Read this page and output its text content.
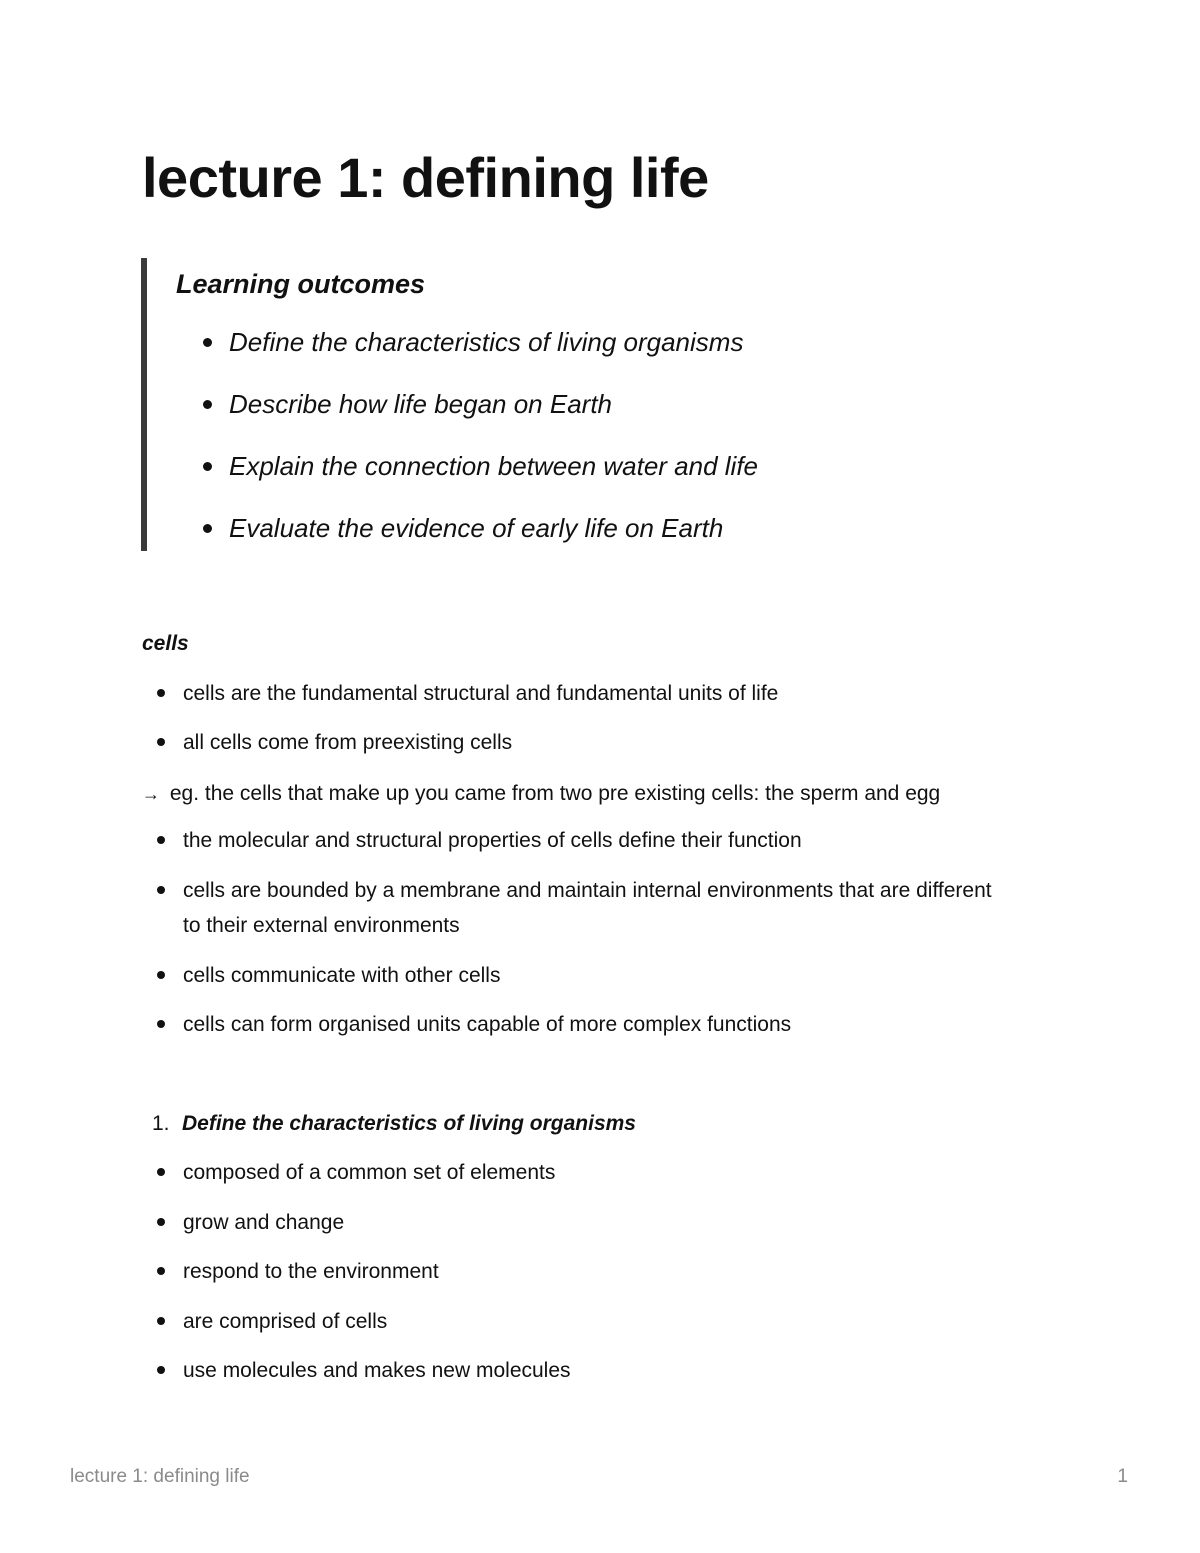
lecture 1: defining life
Learning outcomes
Define the characteristics of living organisms
Describe how life began on Earth
Explain the connection between water and life
Evaluate the evidence of early life on Earth
cells
cells are the fundamental structural and fundamental units of life
all cells come from preexisting cells
→ eg. the cells that make up you came from two pre existing cells: the sperm and egg
the molecular and structural properties of cells define their function
cells are bounded by a membrane and maintain internal environments that are different to their external environments
cells communicate with other cells
cells can form organised units capable of more complex functions
1. Define the characteristics of living organisms
composed of a common set of elements
grow and change
respond to the environment
are comprised of cells
use molecules and makes new molecules
lecture 1: defining life	1
